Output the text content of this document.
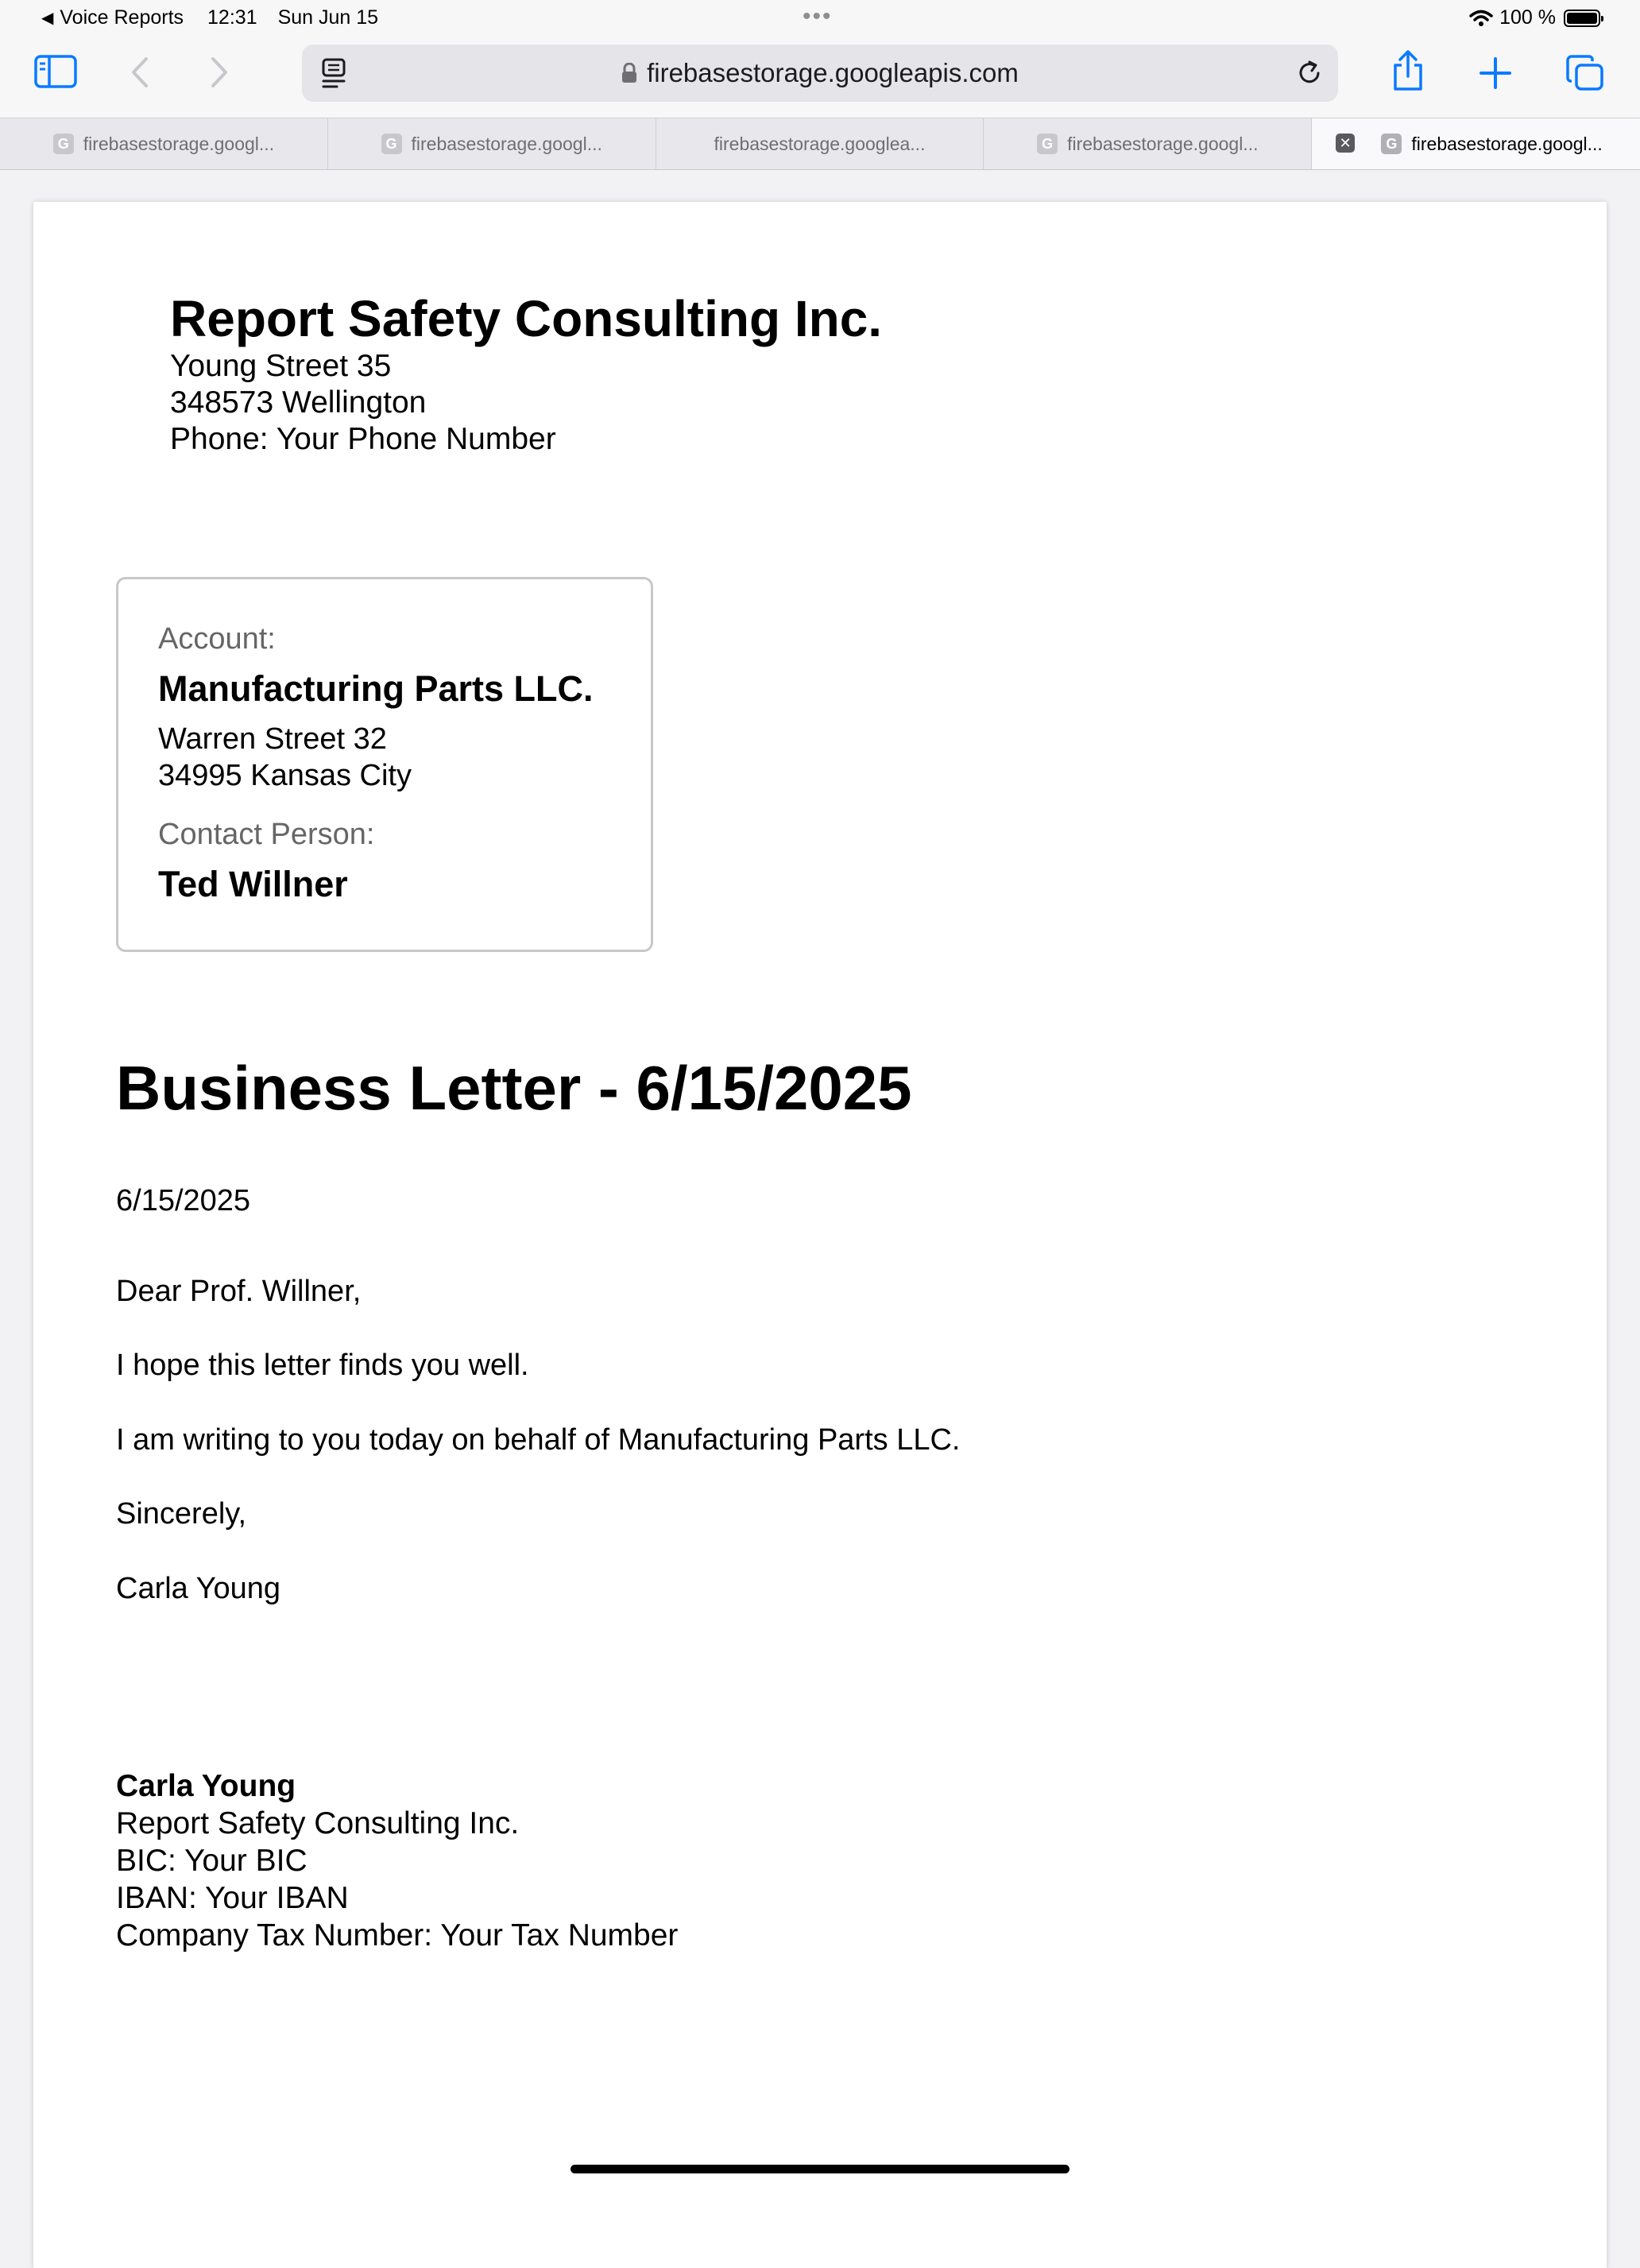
◀ Voice Reports 12:31 Sun Jun 15	•••	100 %
firebasestorage.googleapis.com
G firebasestorage.googl...	G firebasestorage.googl...	firebasestorage.googlea...	G firebasestorage.googl...	✕	G firebasestorage.googl...
Report Safety Consulting Inc.
Young Street 35
348573 Wellington
Phone: Your Phone Number
Account:
Manufacturing Parts LLC.
Warren Street 32
34995 Kansas City
Contact Person:
Ted Willner
Business Letter - 6/15/2025
6/15/2025
Dear Prof. Willner,
I hope this letter finds you well.
I am writing to you today on behalf of Manufacturing Parts LLC.
Sincerely,
Carla Young
Carla Young
Report Safety Consulting Inc.
BIC: Your BIC
IBAN: Your IBAN
Company Tax Number: Your Tax Number
